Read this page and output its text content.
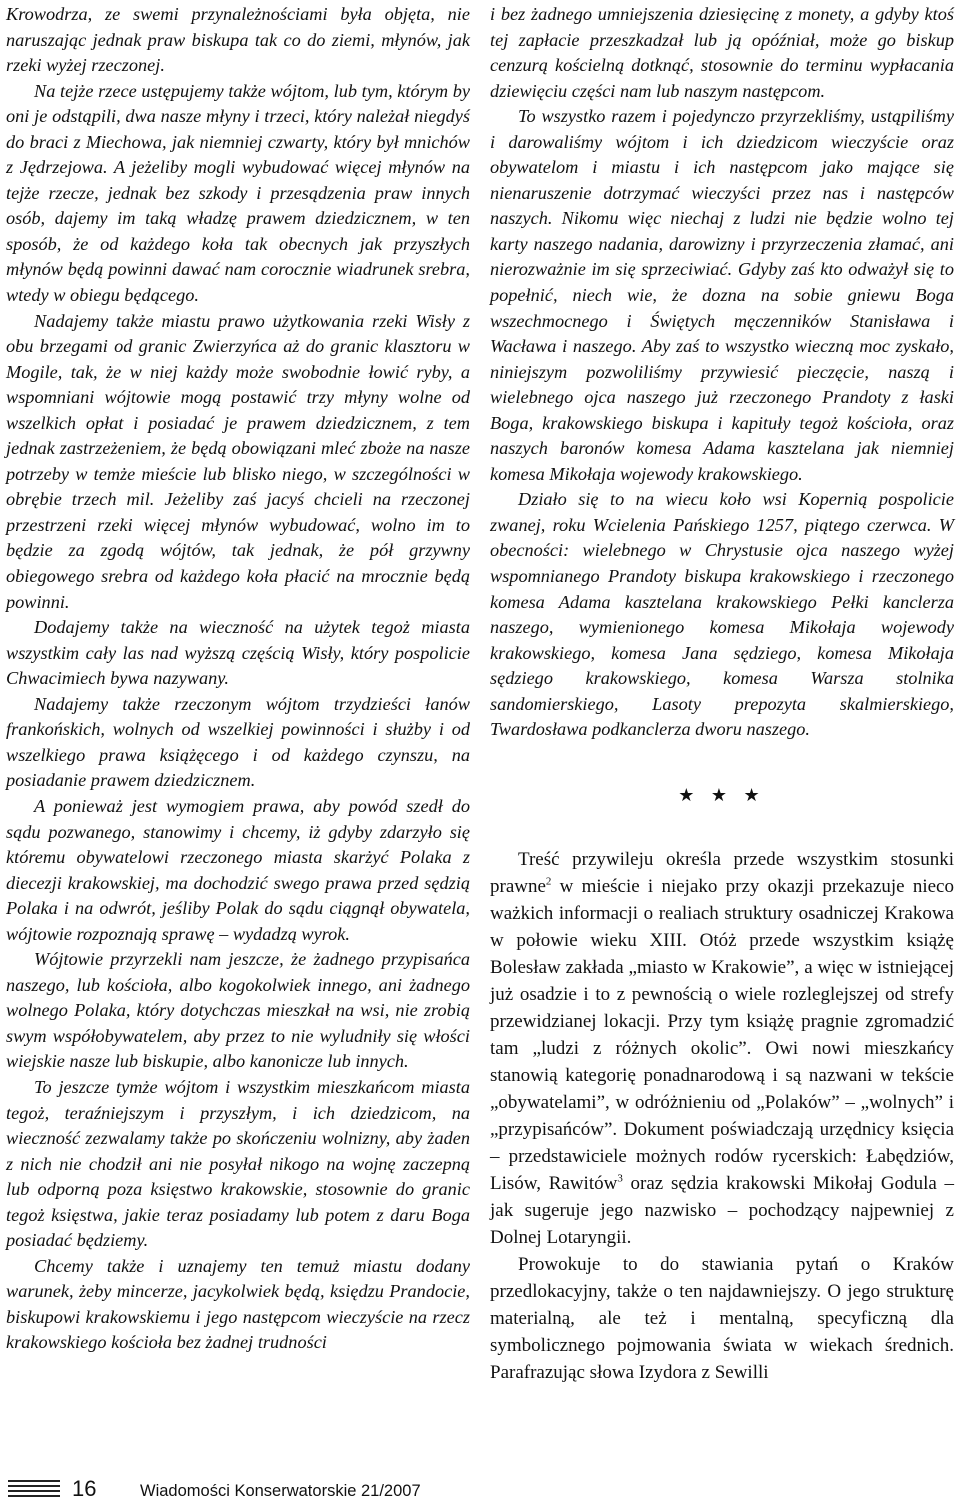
Krowodrza, ze swemi przynależnościami była objęta, nie naruszając jednak praw biskupa tak co do ziemi, młynów, jak rzeki wyżej rzeczonej.

Na tejże rzece ustępujemy także wójtom, lub tym, którym by oni je odstąpili, dwa nasze młyny i trzeci, który należał niegdyś do braci z Miechowa, jak niemniej czwarty, który był mnichów z Jędrzejowa. A jeżeliby mogli wybudować więcej młynów na tejże rzecze, jednak bez szkody i przesądzenia praw innych osób, dajemy im taką władzę prawem dziedzicznem, w ten sposób, że od każdego koła tak obecnych jak przyszłych młynów będą powinni dawać nam corocznie wiadrunek srebra, wtedy w obiegu będącego.

Nadajemy także miastu prawo użytkowania rzeki Wisły z obu brzegami od granic Zwierzyńca aż do granic klasztoru w Mogile, tak, że w niej każdy może swobodnie łowić ryby, a wspomniani wójtowie mogą postawić trzy młyny wolne od wszelkich opłat i posiadać je prawem dziedzicznem, z tem jednak zastrzeżeniem, że będą obowiązani mleć zboże na nasze potrzeby w temże mieście lub blisko niego, w szczególności w obrębie trzech mil. Jeżeliby zaś jacyś chcieli na rzeczonej przestrzeni rzeki więcej młynów wybudować, wolno im to będzie za zgodą wójtów, tak jednak, że pół grzywny obiegowego srebra od każdego koła płacić na mrocznie będą powinni.

Dodajemy także na wieczność na użytek tegoż miasta wszystkim cały las nad wyższą częścią Wisły, który pospolicie Chwacimiech bywa nazywany.

Nadajemy także rzeczonym wójtom trzydzieści łanów frankońskich, wolnych od wszelkiej powinności i służby i od wszelkiego prawa książęcego i od każdego czynszu, na posiadanie prawem dziedzicznem.

A ponieważ jest wymogiem prawa, aby powód szedł do sądu pozwanego, stanowimy i chcemy, iż gdyby zdarzyło się któremu obywatelowi rzeczonego miasta skarżyć Polaka z diecezji krakowskiej, ma dochodzić swego prawa przed sędzią Polaka i na odwrót, jeśliby Polak do sądu ciągnął obywatela, wójtowie rozpoznają sprawę – wydadzą wyrok.

Wójtowie przyrzekli nam jeszcze, że żadnego przypisańca naszego, lub kościoła, albo kogokolwiek innego, ani żadnego wolnego Polaka, który dotychczas mieszkał na wsi, nie zrobią swym współobywatelem, aby przez to nie wyludniły się włości wiejskie nasze lub biskupie, albo kanonicze lub innych.

To jeszcze tymże wójtom i wszystkim mieszkańcom miasta tegoż, teraźniejszym i przyszłym, i ich dziedzicom, na wieczność zezwalamy także po skończeniu wolnizny, aby żaden z nich nie chodził ani nie posyłał nikogo na wojnę zaczepną lub odporną poza księstwo krakowskie, stosownie do granic tegoż księstwa, jakie teraz posiadamy lub potem z daru Boga posiadać będziemy.

Chcemy także i uznajemy ten temuż miastu dodany warunek, żeby mincerze, jacykolwiek będą, księdzu Prandocie, biskupowi krakowskiemu i jego następcom wieczyście na rzecz krakowskiego kościoła bez żadnej trudności

i bez żadnego umniejszenia dziesięcinę z monety, a gdyby ktoś tej zapłacie przeszkadzał lub ją opóźniał, może go biskup cenzurą kościelną dotknąć, stosownie do terminu wypłacania dziewięciu części nam lub naszym następcom.

To wszystko razem i pojedynczo przyrzekliśmy, ustąpiliśmy i darowaliśmy wójtom i ich dziedzicom wieczyście oraz obywatelom i miastu i ich następcom jako mające się nienaruszenie dotrzymać wieczyści przez nas i następców naszych. Nikomu więc niechaj z ludzi nie będzie wolno tej karty naszego nadania, darowizny i przyrzeczenia złamać, ani nierozważnie im się sprzeciwiać. Gdyby zaś kto odważył się to popełnić, niech wie, że dozna na sobie gniewu Boga wszechmocnego i Świętych męczenników Stanisława i Wacława i naszego. Aby zaś to wszystko wieczną moc zyskało, niniejszym pozwoliliśmy przywiesić pieczęcie, naszą i wielebnego ojca naszego już rzeczonego Prandoty z łaski Boga, krakowskiego biskupa i kapituły tegoż kościoła, oraz naszych baronów komesa Adama kasztelana jak niemniej komesa Mikołaja wojewody krakowskiego.

Działo się to na wiecu koło wsi Kopernią pospolicie zwanej, roku Wcielenia Pańskiego 1257, piątego czerwca. W obecności: wielebnego w Chrystusie ojca naszego wyżej wspomnianego Prandoty biskupa krakowskiego i rzeczonego komesa Adama kasztelana krakowskiego Pełki kanclerza naszego, wymienionego komesa Mikołaja wojewody krakowskiego, komesa Jana sędziego, komesa Mikołaja sędziego krakowskiego, komesa Warsza stolnika sandomierskiego, Lasoty prepozyta skalmierskiego, Twardosława podkanclerza dworu naszego.

★ ★ ★

Treść przywileju określa przede wszystkim stosunki prawne$^2$ w mieście i niejako przy okazji przekazuje nieco ważkich informacji o realiach struktury osadniczej Krakowa w połowie wieku XIII. Otóż przede wszystkim książę Bolesław zakłada „miasto w Krakowie”, a więc w istniejącej już osadzie i to z pewnością o wiele rozleglejszej od strefy przewidzianej lokacji. Przy tym książę pragnie zgromadzić tam „ludzi z różnych okolic”. Owi nowi mieszkańcy stanowią kategorię ponadnarodową i są nazwani w tekście „obywatelami”, w odróżnieniu od „Polaków” – „wolnych” i „przypisańców”. Dokument poświadczają urzędnicy księcia – przedstawiciele możnych rodów rycerskich: Łabędziów, Lisów, Rawitów$^3$ oraz sędzia krakowski Mikołaj Godula – jak sugeruje jego nazwisko – pochodzący najpewniej z Dolnej Lotaryngii.

Prowokuje to do stawiania pytań o Kraków przedlokacyjny, także o ten najdawniejszy. O jego strukturę materialną, ale też i mentalną, specyficzną dla symbolicznego pojmowania świata w wiekach średnich. Parafrazując słowa Izydora z Sewilli

16	Wiadomości Konserwatorskie 21/2007
